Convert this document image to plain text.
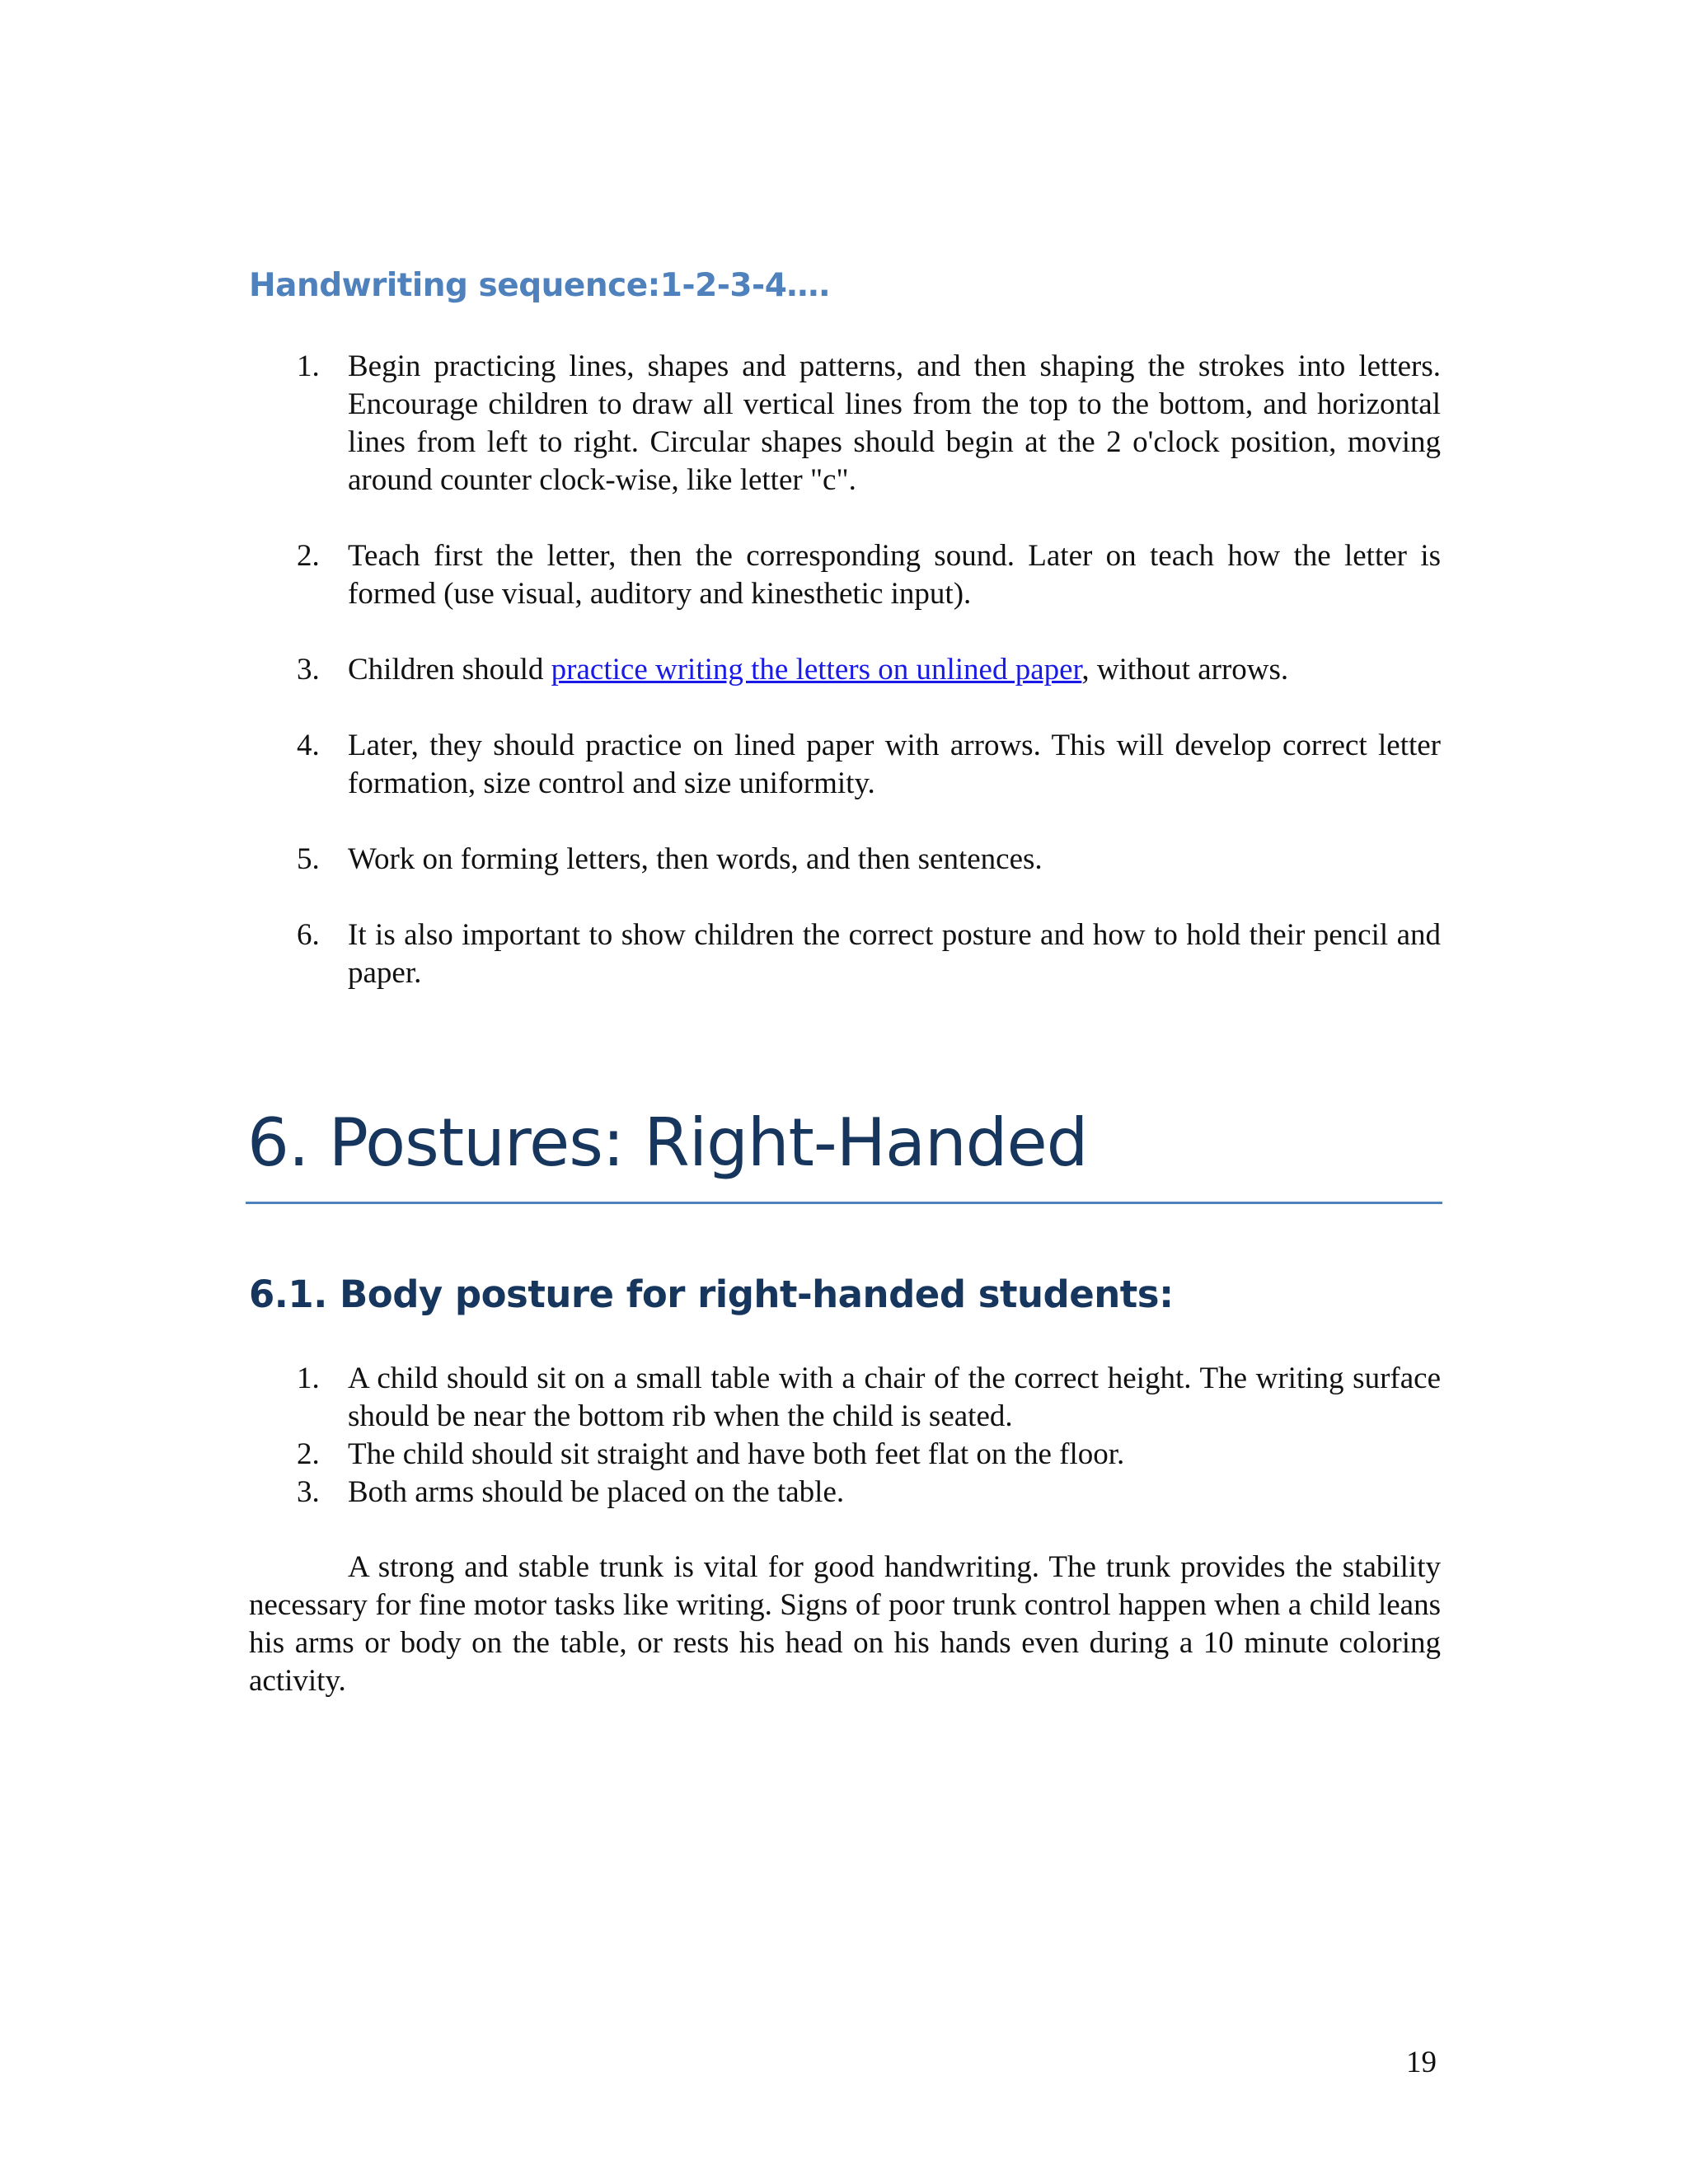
Handwriting sequence:1-2-3-4….
1. Begin practicing lines, shapes and patterns, and then shaping the strokes into letters. Encourage children to draw all vertical lines from the top to the bottom, and horizontal lines from left to right. Circular shapes should begin at the 2 o'clock position, moving around counter clock-wise, like letter "c".
2. Teach first the letter, then the corresponding sound. Later on teach how the letter is formed (use visual, auditory and kinesthetic input).
3. Children should practice writing the letters on unlined paper, without arrows.
4. Later, they should practice on lined paper with arrows. This will develop correct letter formation, size control and size uniformity.
5. Work on forming letters, then words, and then sentences.
6. It is also important to show children the correct posture and how to hold their pencil and paper.
6. Postures: Right-Handed
6.1. Body posture for right-handed students:
1. A child should sit on a small table with a chair of the correct height. The writing surface should be near the bottom rib when the child is seated.
2. The child should sit straight and have both feet flat on the floor.
3. Both arms should be placed on the table.

A strong and stable trunk is vital for good handwriting. The trunk provides the stability necessary for fine motor tasks like writing. Signs of poor trunk control happen when a child leans his arms or body on the table, or rests his head on his hands even during a 10 minute coloring activity.

19
